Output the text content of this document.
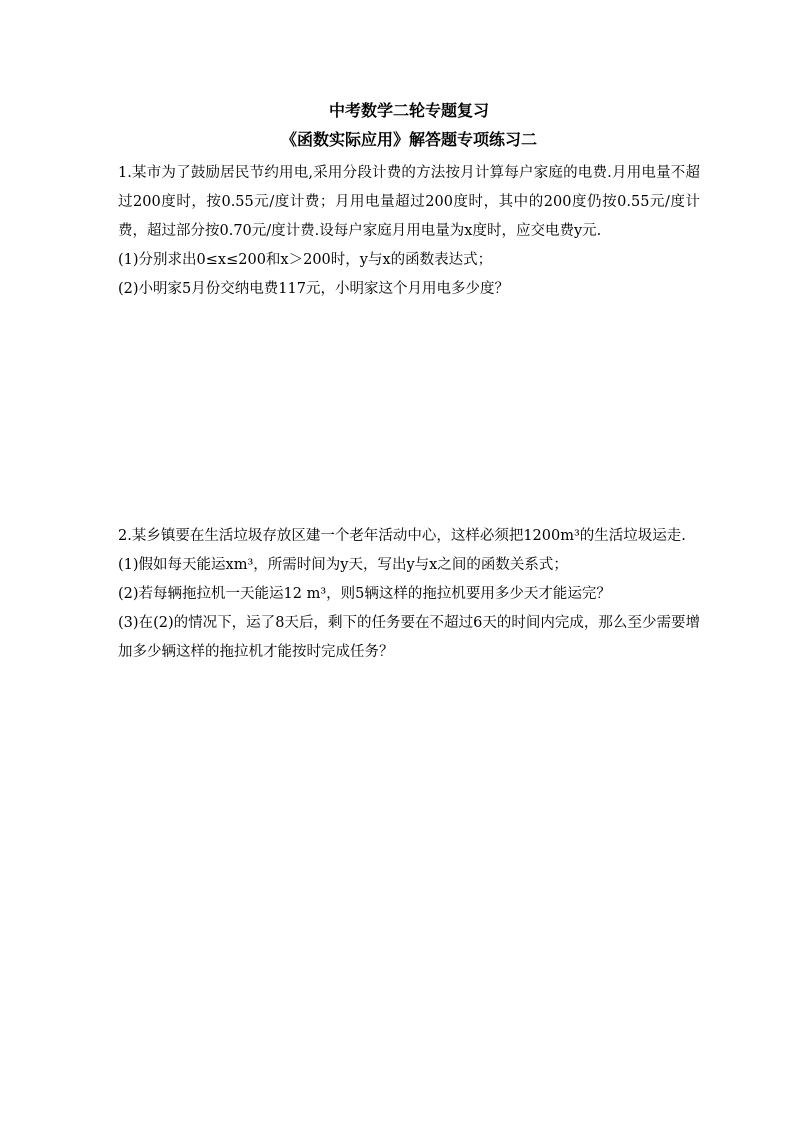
中考数学二轮专题复习
《函数实际应用》解答题专项练习二

1.某市为了鼓励居民节约用电,采用分段计费的方法按月计算每户家庭的电费.月用电量不超过200度时，按0.55元/度计费；月用电量超过200度时，其中的200度仍按0.55元/度计费，超过部分按0.70元/度计费.设每户家庭月用电量为x度时，应交电费y元.

(1)分别求出0≤x≤200和x＞200时，y与x的函数表达式；

(2)小明家5月份交纳电费117元，小明家这个月用电多少度？

2.某乡镇要在生活垃圾存放区建一个老年活动中心，这样必须把1200m³的生活垃圾运走.

(1)假如每天能运xm³，所需时间为y天，写出y与x之间的函数关系式；

(2)若每辆拖拉机一天能运12 m³，则5辆这样的拖拉机要用多少天才能运完？

(3)在(2)的情况下，运了8天后，剩下的任务要在不超过6天的时间内完成，那么至少需要增加多少辆这样的拖拉机才能按时完成任务？
